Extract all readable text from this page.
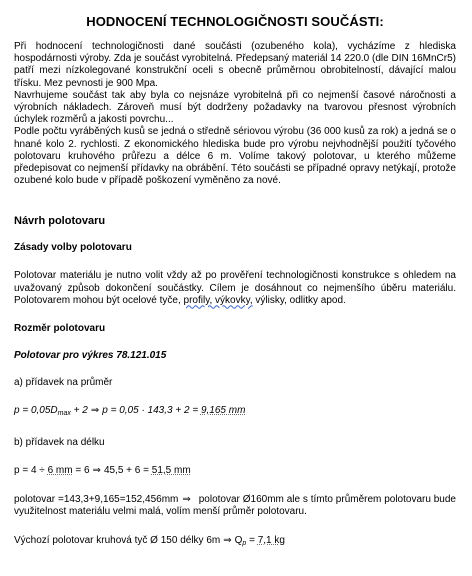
HODNOCENÍ TECHNOLOGIČNOSTI SOUČÁSTI:

Při hodnocení technologičnosti dané součásti (ozubeného kola), vycházíme z hlediska hospodárnosti výroby. Zda je součást vyrobitelná. Předepsaný materiál 14 220.0 (dle DIN 16MnCr5) patří mezi nízkolegované konstrukční oceli s obecně průměrnou obrobitelností, dávající malou třísku. Mez pevnosti je 900 Mpa.

Navrhujeme součást tak aby byla co nejsnáze vyrobitelná při co nejmenší časové náročnosti a výrobních nákladech. Zároveň musí být dodrženy požadavky na tvarovou přesnost výrobních úchylek rozměrů a jakosti povrchu...

Podle počtu vyráběných kusů se jedná o středně sériovou výrobu (36 000 kusů za rok) a jedná se o hnané kolo 2. rychlosti. Z ekonomického hlediska bude pro výrobu nejvhodnější použití tyčového polotovaru kruhového průřezu a délce 6 m. Volíme takový polotovar, u kterého můžeme předepisovat co nejmenší přídavky na obrábění. Této součásti se případné opravy netýkají, protože ozubené kolo bude v případě poškození vyměněno za nové.

Návrh polotovaru
Zásady volby polotovaru
Polotovar materiálu je nutno volit vždy až po prověření technologičnosti konstrukce s ohledem na uvažovaný způsob dokončení součástky. Cílem je dosáhnout co nejmenšího úběru materiálu. Polotovarem mohou být ocelové tyče, profily, výkovky, výlisky, odlitky apod.
Rozměr polotovaru
Polotovar pro výkres 78.121.015
a) přídavek na průměr
$p = 0,05D_{max} + 2$ ⇒ p = 0,05 · 143,3 + 2 = 9,165 mm
b) přídavek na délku
p = 4 ÷ 6 mm = 6 ⇒ 45,5 + 6 = 51,5 mm
polotovar =143,3+9,165=152,456mm ⇒ polotovar Ø160mm ale s tímto průměrem polotovaru bude využitelnost materiálu velmi malá, volím menší průměr polotovaru.
Výchozí polotovar kruhová tyč Ø 150 délky 6m ⇒ $Q_p = 7,1$ kg
